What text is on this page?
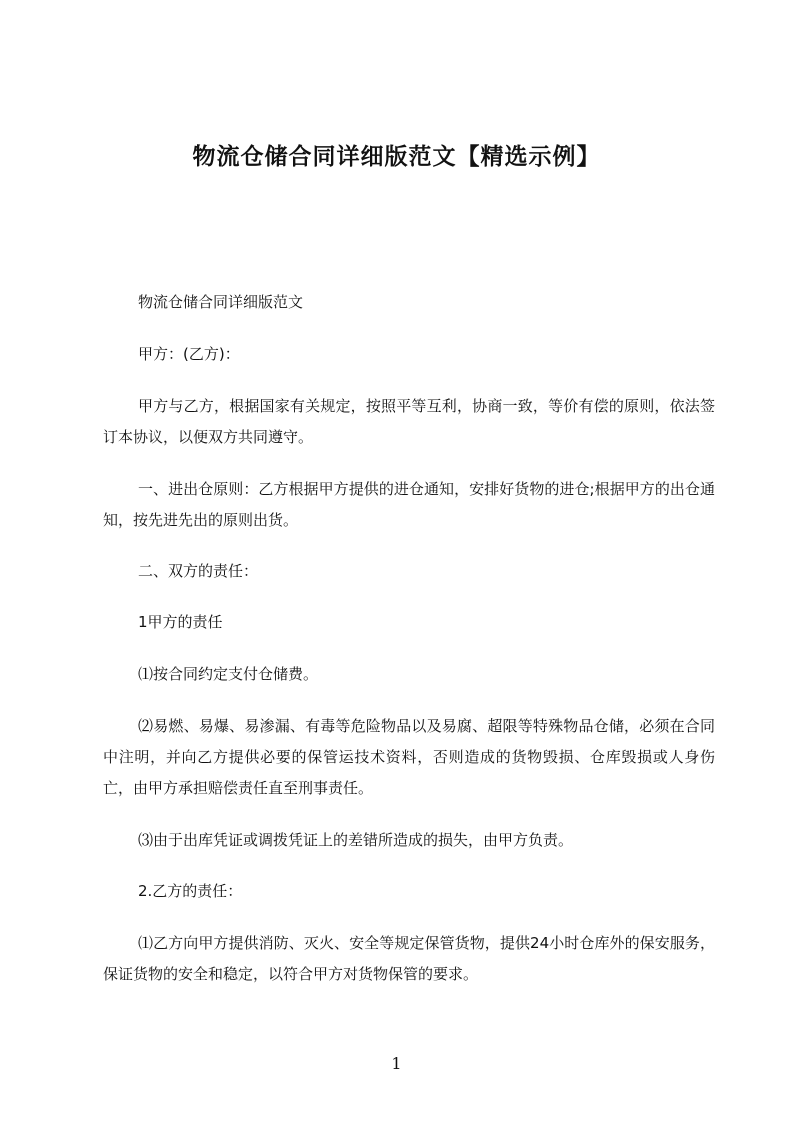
物流仓储合同详细版范文【精选示例】
物流仓储合同详细版范文
甲方：(乙方)：
甲方与乙方，根据国家有关规定，按照平等互利，协商一致，等价有偿的原则，依法签订本协议，以便双方共同遵守。
一、进出仓原则：乙方根据甲方提供的进仓通知，安排好货物的进仓;根据甲方的出仓通知，按先进先出的原则出货。
二、双方的责任：
1甲方的责任
⑴按合同约定支付仓储费。
⑵易燃、易爆、易渗漏、有毒等危险物品以及易腐、超限等特殊物品仓储，必须在合同中注明，并向乙方提供必要的保管运技术资料，否则造成的货物毁损、仓库毁损或人身伤亡，由甲方承担赔偿责任直至刑事责任。
⑶由于出库凭证或调拨凭证上的差错所造成的损失，由甲方负责。
2.乙方的责任：
⑴乙方向甲方提供消防、灭火、安全等规定保管货物，提供24小时仓库外的保安服务，保证货物的安全和稳定，以符合甲方对货物保管的要求。
1
